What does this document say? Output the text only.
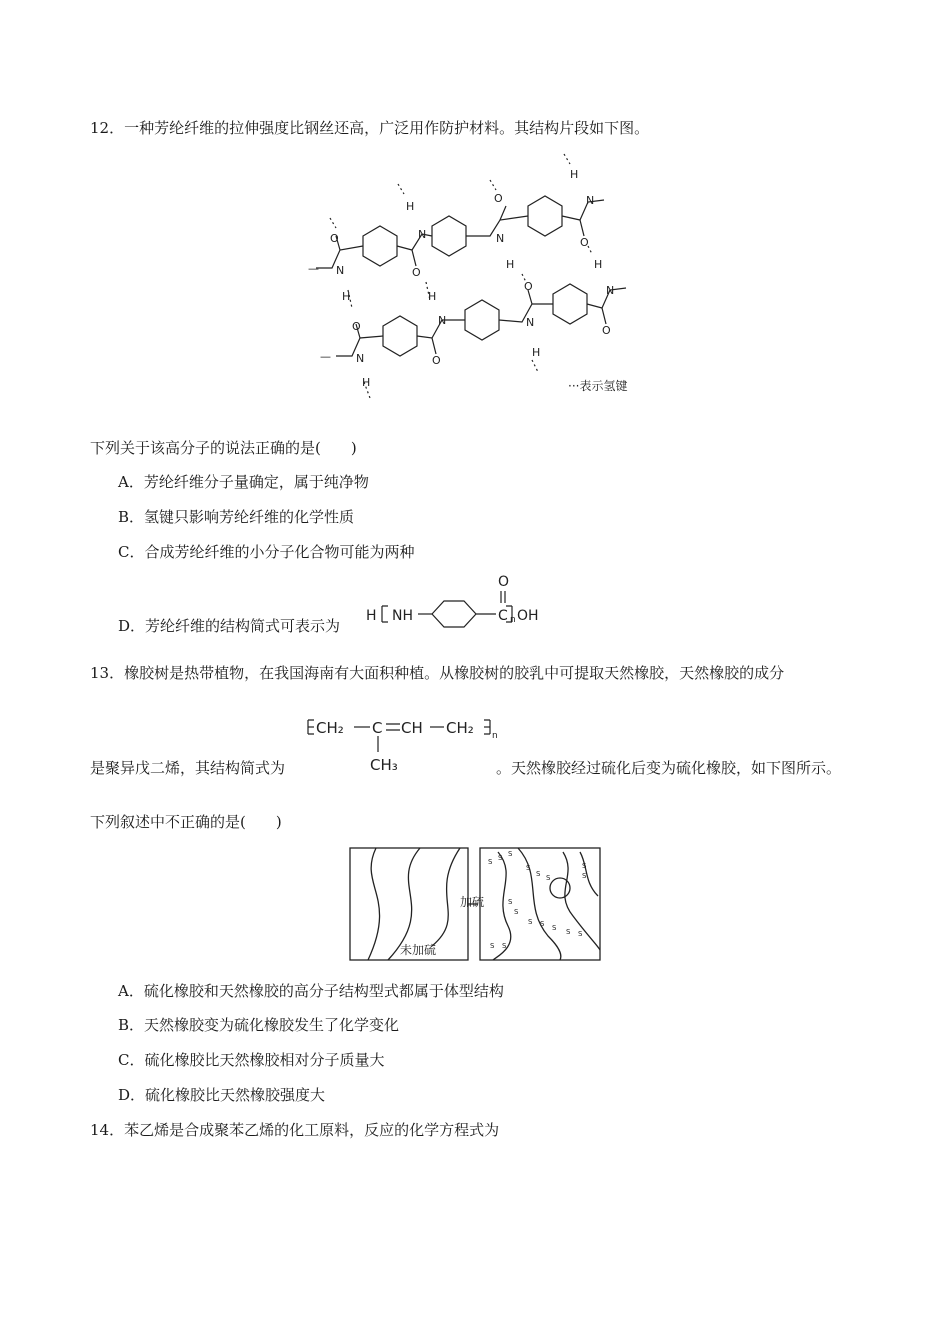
12．一种芳纶纤维的拉伸强度比钢丝还高，广泛用作防护材料。其结构片段如下图。
—
O
N
H
H
N
O
O
N
H
H
N
O
O
N
H
H
N
O
O
N
H
H
N
O
—
···表示氢键
下列关于该高分子的说法正确的是(　　)
A．芳纶纤维分子量确定，属于纯净物
B．氢键只影响芳纶纤维的化学性质
C．合成芳纶纤维的小分子化合物可能为两种
D．芳纶纤维的结构简式可表示为
H NH	C
O
OH
n
13．橡胶树是热带植物，在我国海南有大面积种植。从橡胶树的胶乳中可提取天然橡胶，天然橡胶的成分
CH₂ C CH CH₂
CH₃
n
是聚异戊二烯，其结构简式为	。天然橡胶经过硫化后变为硫化橡胶，如下图所示。
下列叙述中不正确的是(　　)
未加硫
加硫
S S S
S
S S
S
S
S
S
S S S S S
S S
A．硫化橡胶和天然橡胶的高分子结构型式都属于体型结构
B．天然橡胶变为硫化橡胶发生了化学变化
C．硫化橡胶比天然橡胶相对分子质量大
D．硫化橡胶比天然橡胶强度大
14．苯乙烯是合成聚苯乙烯的化工原料，反应的化学方程式为
